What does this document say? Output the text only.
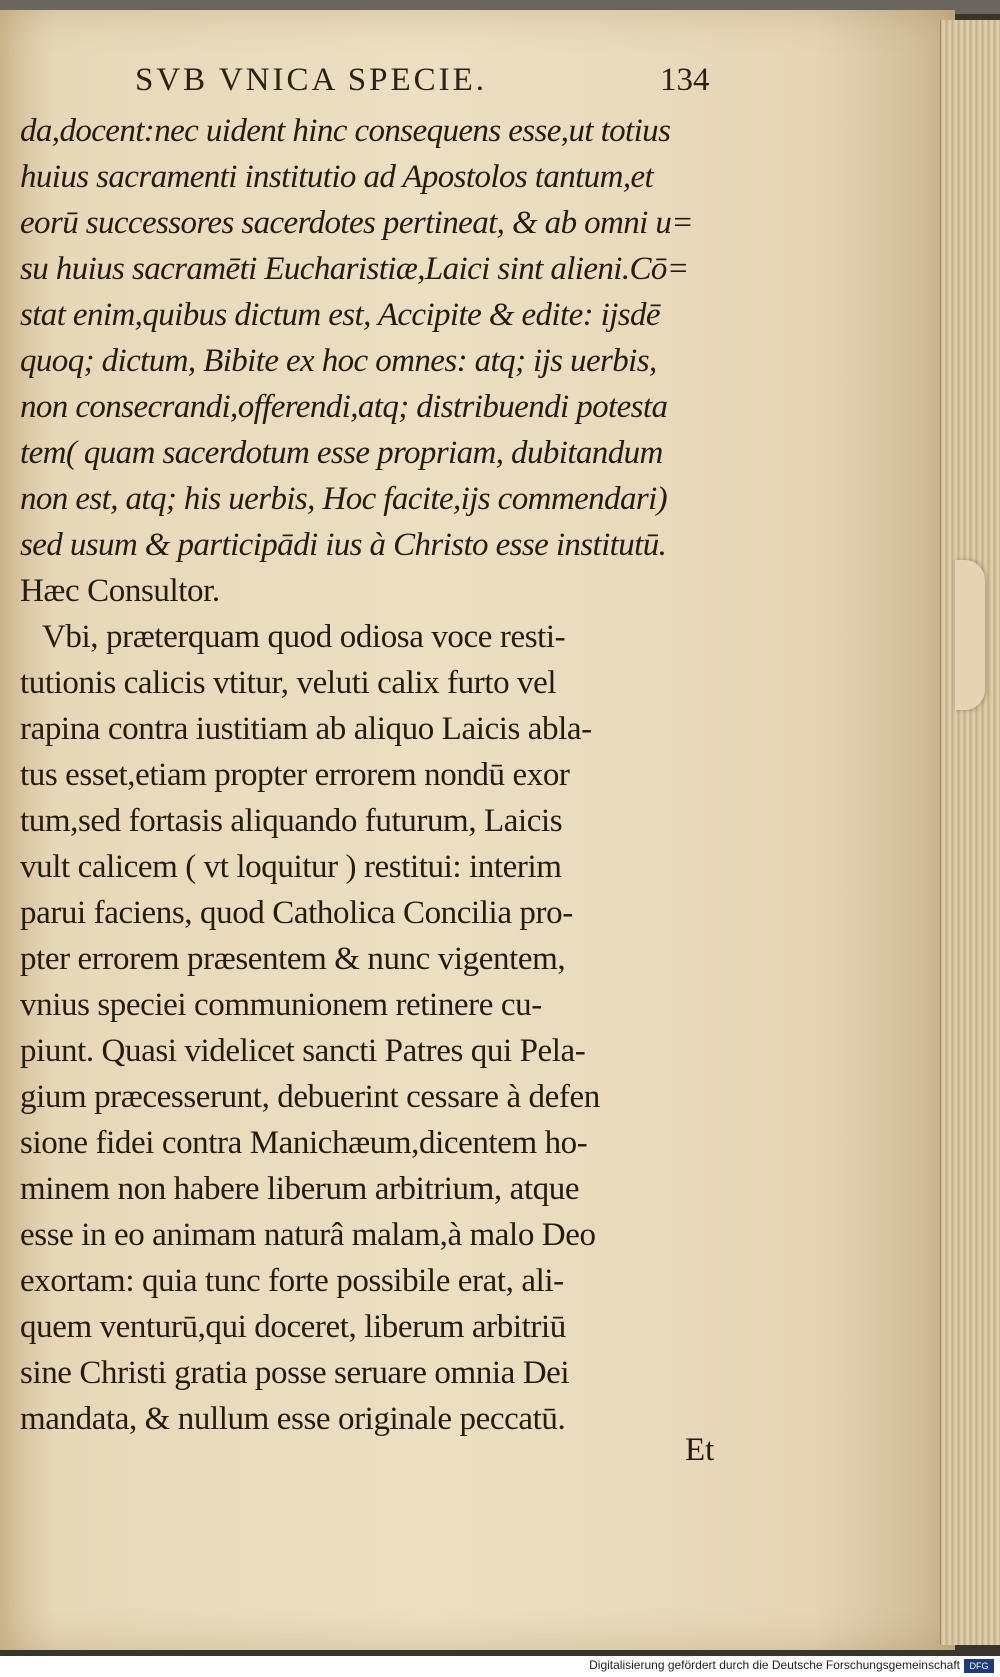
SVB VNICA SPECIE.	134
da,docent:nec uident hinc consequens esse,ut totius
huius sacramenti institutio ad Apostolos tantum,et
eorū successores sacerdotes pertineat, & ab omni u=
su huius sacramēti Eucharistiæ,Laici sint alieni.Cō=
stat enim,quibus dictum est, Accipite & edite: ijsdē
quoq; dictum, Bibite ex hoc omnes: atq; ijs uerbis,
non consecrandi,offerendi,atq; distribuendi potesta
tem( quam sacerdotum esse propriam, dubitandum
non est, atq; his uerbis, Hoc facite,ijs commendari)
sed usum & participādi ius à Christo esse institutū.
Hæc Consultor.
Vbi, præterquam quod odiosa voce resti-
tutionis calicis vtitur, veluti calix furto vel
rapina contra iustitiam ab aliquo Laicis abla-
tus esset,etiam propter errorem nondū exor
tum,sed fortasis aliquando futurum, Laicis
vult calicem ( vt loquitur ) restitui: interim
parui faciens, quod Catholica Concilia pro-
pter errorem præsentem & nunc vigentem,
vnius speciei communionem retinere cu-
piunt. Quasi videlicet sancti Patres qui Pela-
gium præcesserunt, debuerint cessare à defen
sione fidei contra Manichæum,dicentem ho-
minem non habere liberum arbitrium, atque
esse in eo animam naturâ malam,à malo Deo
exortam: quia tunc forte possibile erat, ali-
quem venturū,qui doceret, liberum arbitriū
sine Christi gratia posse seruare omnia Dei
mandata, & nullum esse originale peccatū.
Et
Digitalisierung gefördert durch die Deutsche Forschungsgemeinschaft	DFG
